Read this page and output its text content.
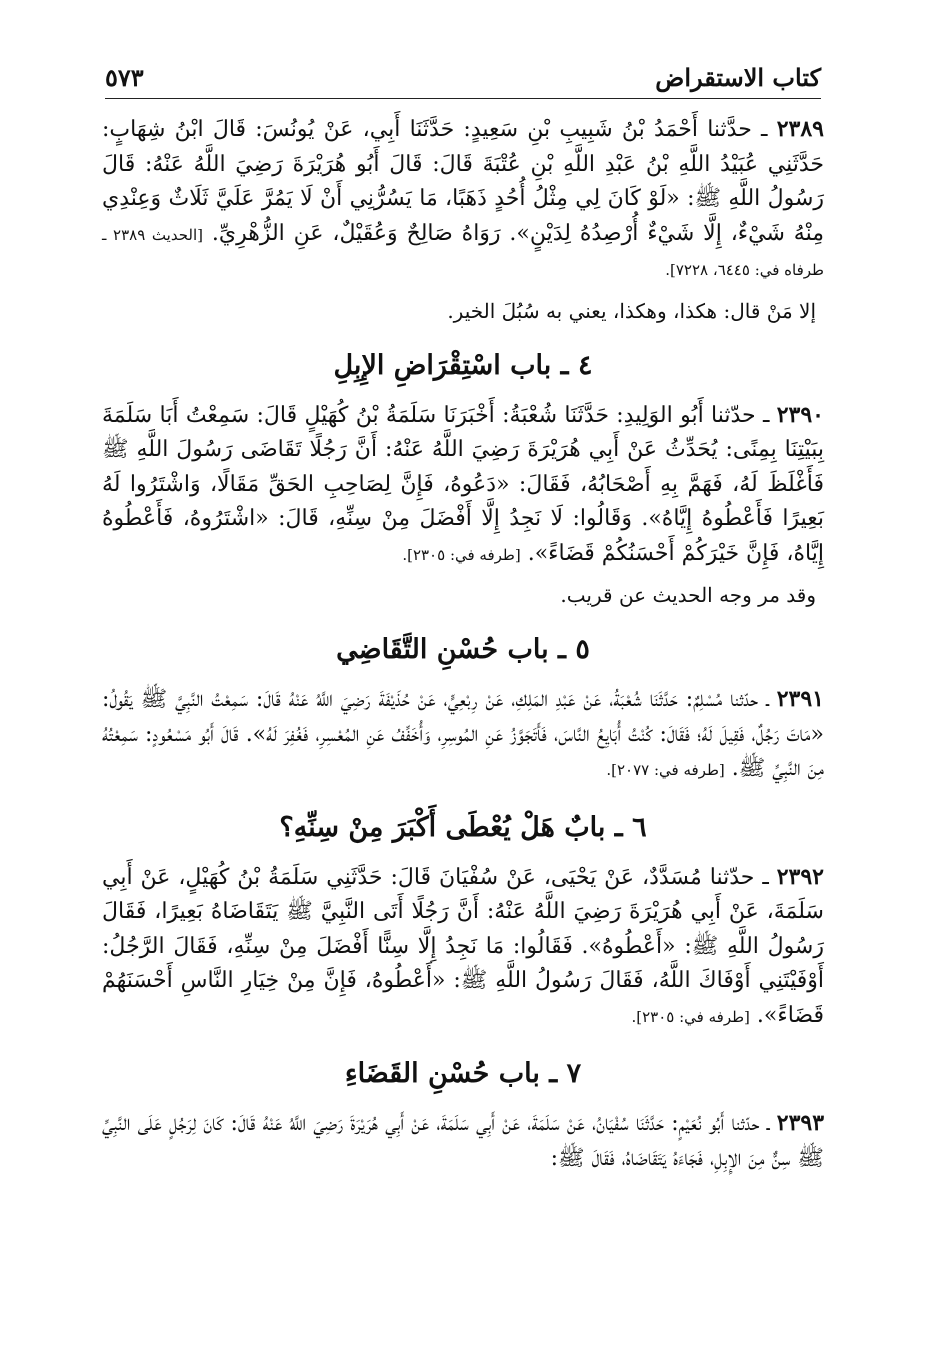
كتاب الاستقراض
٥٧٣

٢٣٨٩ ـ حدَّثنا أَحْمَدُ بْنُ شَبِيبِ بْنِ سَعِيدٍ: حَدَّثَنَا أَبِي، عَنْ يُونُسَ: قَالَ ابْنُ شِهَابٍ: حَدَّثَنِي عُبَيْدُ اللَّهِ بْنُ عَبْدِ اللَّهِ بْنِ عُتْبَةَ قَالَ: قَالَ أَبُو هُرَيْرَةَ رَضِيَ اللَّهُ عَنْهُ: قَالَ رَسُولُ اللَّهِ ﷺ: «لَوْ كَانَ لِي مِثْلُ أُحُدٍ ذَهَبًا، مَا يَسُرُّنِي أَنْ لَا يَمُرَّ عَلَيَّ ثَلَاثٌ وَعِنْدِي مِنْهُ شَيْءٌ، إِلَّا شَيْءٌ أُرْصِدُهُ لِدَيْنٍ». رَوَاهُ صَالِحٌ وَعُقَيْلٌ، عَنِ الزُّهْرِيِّ. [الحديث ٢٣٨٩ ـ طرفاه في: ٦٤٤٥، ٧٢٢٨].

إلا مَنْ قال: هكذا، وهكذا، يعني به سُبُلَ الخير.

٤ ـ باب اسْتِقْرَاضِ الإِبِلِ

٢٣٩٠ ـ حدّثنا أَبُو الوَلِيدِ: حَدَّثَنَا شُعْبَةُ: أَخْبَرَنَا سَلَمَةُ بْنُ كُهَيْلٍ قَالَ: سَمِعْتُ أَبَا سَلَمَةَ بِبَيْتِنَا بِمِنًى: يُحَدِّثُ عَنْ أَبِي هُرَيْرَةَ رَضِيَ اللَّهُ عَنْهُ: أَنَّ رَجُلًا تَقَاضَى رَسُولَ اللَّهِ ﷺ فَأَغْلَظَ لَهُ، فَهَمَّ بِهِ أَصْحَابُهُ، فَقَالَ: «دَعُوهُ، فَإِنَّ لِصَاحِبِ الحَقِّ مَقَالًا، وَاشْتَرُوا لَهُ بَعِيرًا فَأَعْطُوهُ إِيَّاهُ». وَقَالُوا: لَا نَجِدُ إِلَّا أَفْضَلَ مِنْ سِنِّهِ، قَالَ: «اشْتَرُوهُ، فَأَعْطُوهُ إِيَّاهُ، فَإِنَّ خَيْرَكُمْ أَحْسَنُكُمْ قَضَاءً». [طرفه في: ٢٣٠٥].

وقد مر وجه الحديث عن قريب.

٥ ـ باب حُسْنِ التَّقَاضِي

٢٣٩١ ـ حدّثنا مُسْلِمٌ: حَدَّثَنَا شُعْبَةُ، عَنْ عَبْدِ المَلِكِ، عَنْ رِبْعِيٍّ، عَنْ حُذَيْفَةَ رَضِيَ اللَّهُ عَنْهُ قَالَ: سَمِعْتُ النَّبِيَّ ﷺ يَقُولُ: «مَاتَ رَجُلٌ، فَقِيلَ لَهُ؛ فَقَالَ: كُنْتُ أُبَايِعُ النَّاسَ، فَأَتَجَوَّزُ عَنِ المُوسِرِ، وَأُخَفِّفُ عَنِ المُعْسِرِ، فَغُفِرَ لَهُ». قَالَ أَبُو مَسْعُودٍ: سَمِعْتُهُ مِنَ النَّبِيِّ ﷺ. [طرفه في: ٢٠٧٧].

٦ ـ بابٌ هَلْ يُعْطَى أَكْبَرَ مِنْ سِنِّهِ؟

٢٣٩٢ ـ حدّثنا مُسَدَّدٌ، عَنْ يَحْيَى، عَنْ سُفْيَانَ قَالَ: حَدَّثَنِي سَلَمَةُ بْنُ كُهَيْلٍ، عَنْ أَبِي سَلَمَةَ، عَنْ أَبِي هُرَيْرَةَ رَضِيَ اللَّهُ عَنْهُ: أَنَّ رَجُلًا أَتَى النَّبِيَّ ﷺ يَتَقَاضَاهُ بَعِيرًا، فَقَالَ رَسُولُ اللَّهِ ﷺ: «أَعْطُوهُ». فَقَالُوا: مَا نَجِدُ إِلَّا سِنًّا أَفْضَلَ مِنْ سِنِّهِ، فَقَالَ الرَّجُلُ: أَوْفَيْتَنِي أَوْفَاكَ اللَّهُ، فَقَالَ رَسُولُ اللَّهِ ﷺ: «أَعْطُوهُ، فَإِنَّ مِنْ خِيَارِ النَّاسِ أَحْسَنَهُمْ قَضَاءً». [طرفه في: ٢٣٠٥].

٧ ـ باب حُسْنِ القَضَاءِ

٢٣٩٣ ـ حدّثنا أَبُو نُعَيْمٍ: حَدَّثَنَا سُفْيَانُ، عَنْ سَلَمَةَ، عَنْ أَبِي سَلَمَةَ، عَنْ أَبِي هُرَيْرَةَ رَضِيَ اللَّهُ عَنْهُ قَالَ: كَانَ لِرَجُلٍ عَلَى النَّبِيِّ ﷺ سِنٌّ مِنَ الإِبِلِ، فَجَاءَهُ يَتَقَاضَاهُ، فَقَالَ ﷺ:
